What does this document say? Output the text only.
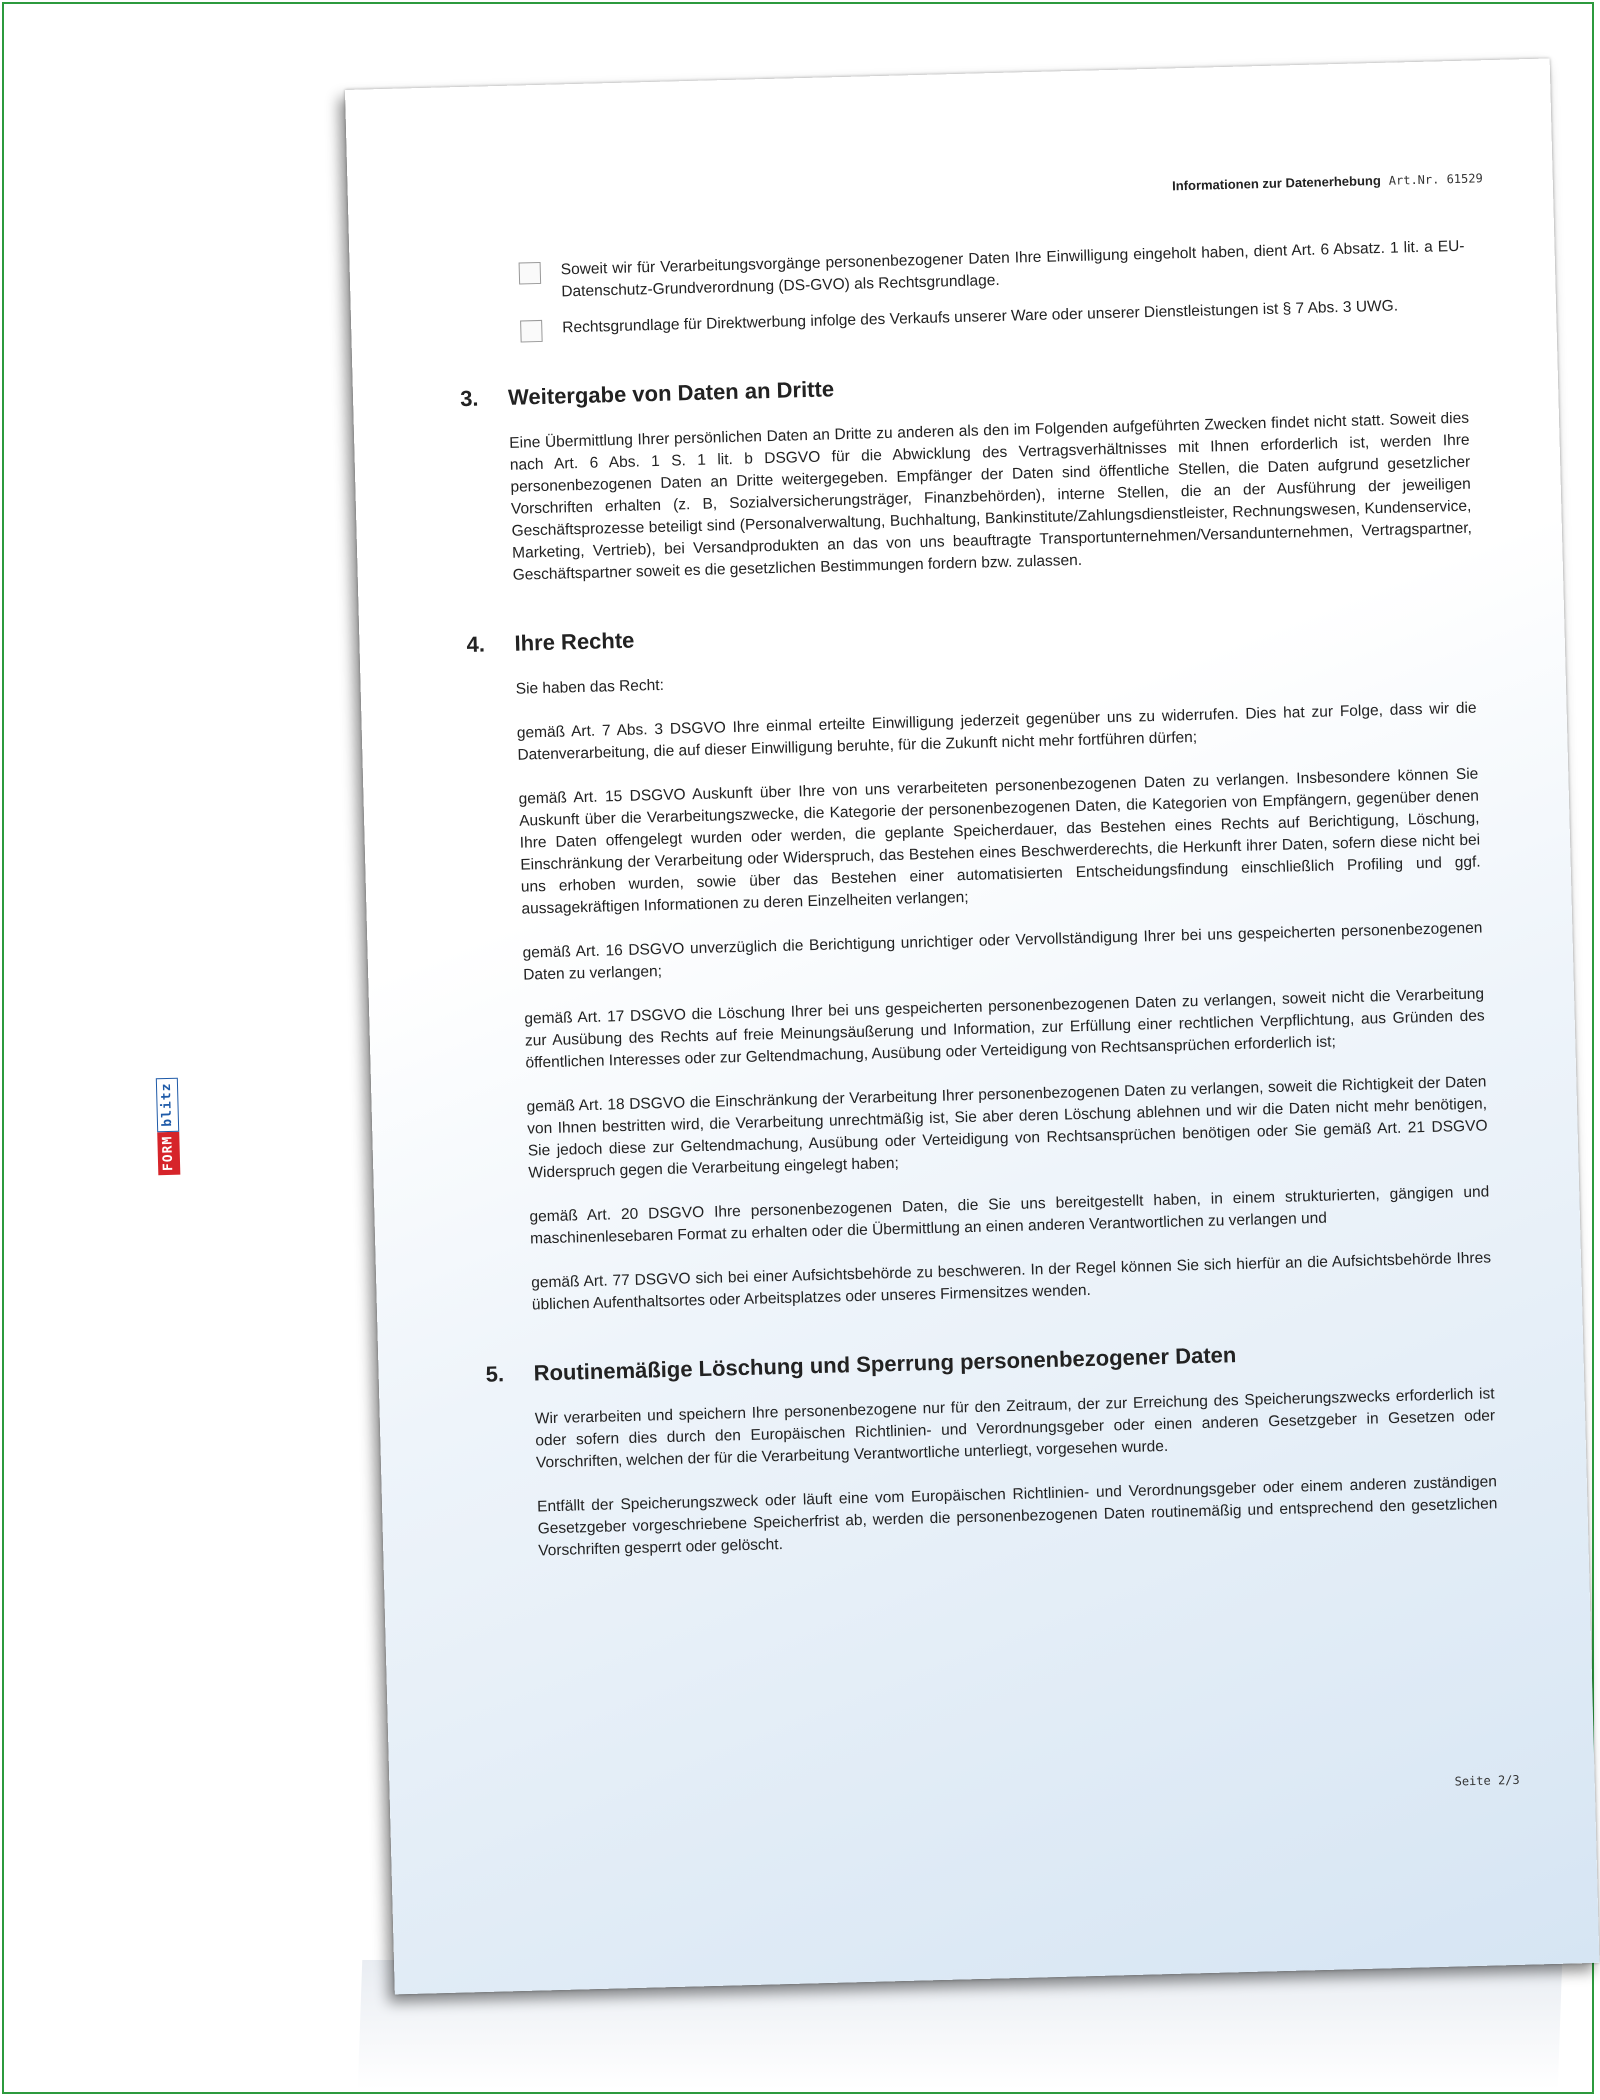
Informationen zur Datenerhebung Art.Nr. 61529
FORM
blitz
Soweit wir für Verarbeitungsvorgänge personenbezogener Daten Ihre Einwilligung eingeholt haben, dient Art. 6 Absatz. 1 lit. a EU-Datenschutz-Grundverordnung (DS-GVO) als Rechtsgrundlage.
Rechtsgrundlage für Direktwerbung infolge des Verkaufs unserer Ware oder unserer Dienstleistungen ist § 7 Abs. 3 UWG.
3. Weitergabe von Daten an Dritte

Eine Übermittlung Ihrer persönlichen Daten an Dritte zu anderen als den im Folgenden aufgeführten Zwecken findet nicht statt. Soweit dies nach Art. 6 Abs. 1 S. 1 lit. b DSGVO für die Abwicklung des Vertragsverhältnisses mit Ihnen erforderlich ist, werden Ihre personenbezogenen Daten an Dritte weitergegeben. Empfänger der Daten sind öffentliche Stellen, die Daten aufgrund gesetzlicher Vorschriften erhalten (z. B, Sozialversicherungsträger, Finanzbehörden), interne Stellen, die an der Ausführung der jeweiligen Geschäftsprozesse beteiligt sind (Personalverwaltung, Buchhaltung, Bankinstitute/Zahlungsdienstleister, Rechnungswesen, Kundenservice, Marketing, Vertrieb), bei Versandprodukten an das von uns beauftragte Transportunternehmen/Versandunternehmen, Vertragspartner, Geschäftspartner soweit es die gesetzlichen Bestimmungen fordern bzw. zulassen.

4. Ihre Rechte

Sie haben das Recht:

gemäß Art. 7 Abs. 3 DSGVO Ihre einmal erteilte Einwilligung jederzeit gegenüber uns zu widerrufen. Dies hat zur Folge, dass wir die Datenverarbeitung, die auf dieser Einwilligung beruhte, für die Zukunft nicht mehr fortführen dürfen;

gemäß Art. 15 DSGVO Auskunft über Ihre von uns verarbeiteten personenbezogenen Daten zu verlangen. Insbesondere können Sie Auskunft über die Verarbeitungszwecke, die Kategorie der personenbezogenen Daten, die Kategorien von Empfängern, gegenüber denen Ihre Daten offengelegt wurden oder werden, die geplante Speicherdauer, das Bestehen eines Rechts auf Berichtigung, Löschung, Einschränkung der Verarbeitung oder Widerspruch, das Bestehen eines Beschwerderechts, die Herkunft ihrer Daten, sofern diese nicht bei uns erhoben wurden, sowie über das Bestehen einer automatisierten Entscheidungsfindung einschließlich Profiling und ggf. aussagekräftigen Informationen zu deren Einzelheiten verlangen;

gemäß Art. 16 DSGVO unverzüglich die Berichtigung unrichtiger oder Vervollständigung Ihrer bei uns gespeicherten personenbezogenen Daten zu verlangen;

gemäß Art. 17 DSGVO die Löschung Ihrer bei uns gespeicherten personenbezogenen Daten zu verlangen, soweit nicht die Verarbeitung zur Ausübung des Rechts auf freie Meinungsäußerung und Information, zur Erfüllung einer rechtlichen Verpflichtung, aus Gründen des öffentlichen Interesses oder zur Geltendmachung, Ausübung oder Verteidigung von Rechtsansprüchen erforderlich ist;

gemäß Art. 18 DSGVO die Einschränkung der Verarbeitung Ihrer personenbezogenen Daten zu verlangen, soweit die Richtigkeit der Daten von Ihnen bestritten wird, die Verarbeitung unrechtmäßig ist, Sie aber deren Löschung ablehnen und wir die Daten nicht mehr benötigen, Sie jedoch diese zur Geltendmachung, Ausübung oder Verteidigung von Rechtsansprüchen benötigen oder Sie gemäß Art. 21 DSGVO Widerspruch gegen die Verarbeitung eingelegt haben;

gemäß Art. 20 DSGVO Ihre personenbezogenen Daten, die Sie uns bereitgestellt haben, in einem strukturierten, gängigen und maschinenlesebaren Format zu erhalten oder die Übermittlung an einen anderen Verantwortlichen zu verlangen und

gemäß Art. 77 DSGVO sich bei einer Aufsichtsbehörde zu beschweren. In der Regel können Sie sich hierfür an die Aufsichtsbehörde Ihres üblichen Aufenthaltsortes oder Arbeitsplatzes oder unseres Firmensitzes wenden.

5. Routinemäßige Löschung und Sperrung personenbezogener Daten

Wir verarbeiten und speichern Ihre personenbezogene nur für den Zeitraum, der zur Erreichung des Speicherungszwecks erforderlich ist oder sofern dies durch den Europäischen Richtlinien- und Verordnungsgeber oder einen anderen Gesetzgeber in Gesetzen oder Vorschriften, welchen der für die Verarbeitung Verantwortliche unterliegt, vorgesehen wurde.

Entfällt der Speicherungszweck oder läuft eine vom Europäischen Richtlinien- und Verordnungsgeber oder einem anderen zuständigen Gesetzgeber vorgeschriebene Speicherfrist ab, werden die personenbezogenen Daten routinemäßig und entsprechend den gesetzlichen Vorschriften gesperrt oder gelöscht.

Seite 2/3
